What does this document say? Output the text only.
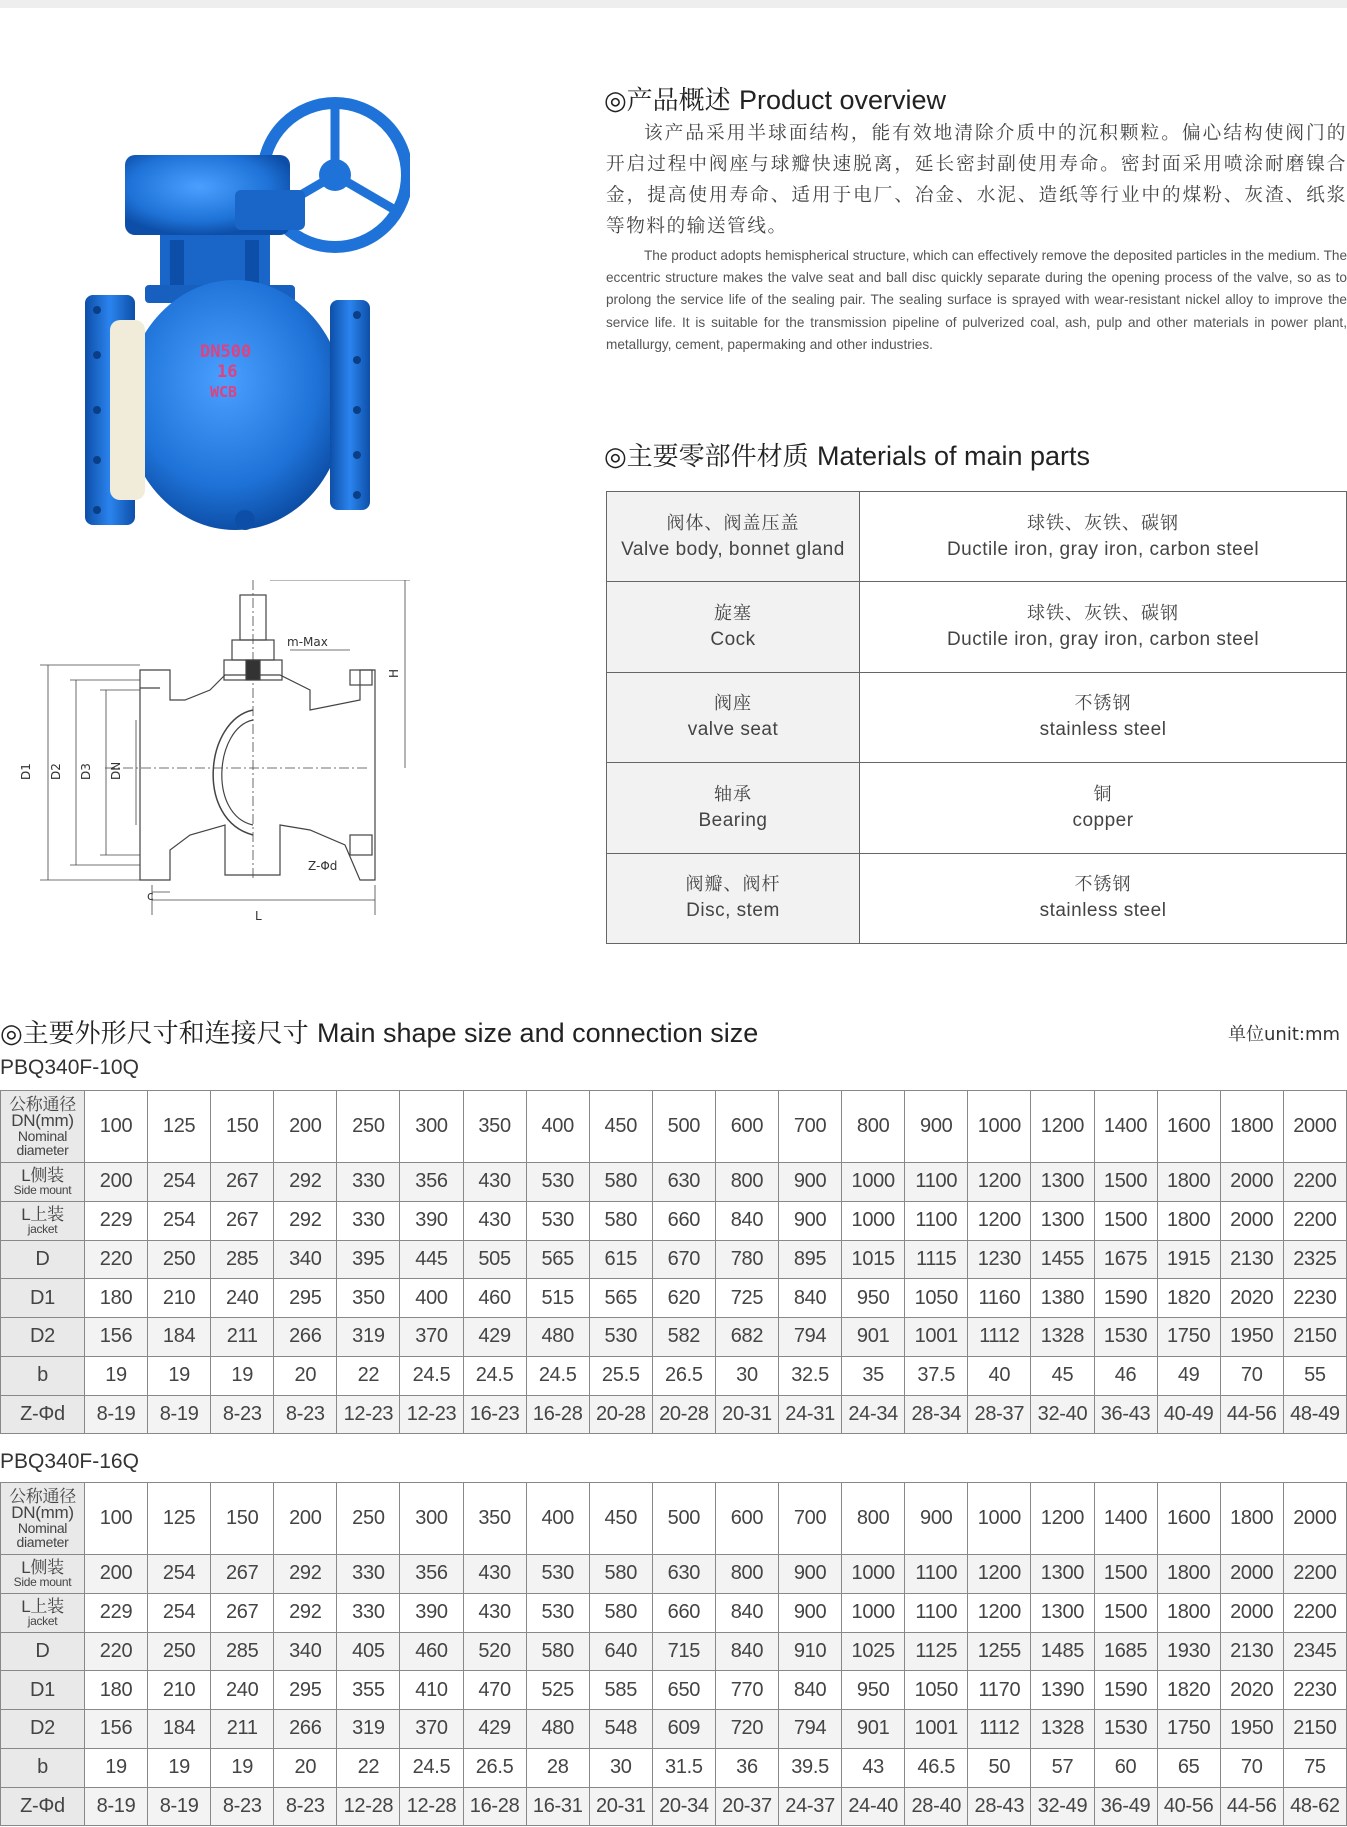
DN500
16
WCB
m-Max
H
D1 D2 D3 DN
Z-Φd
c
L
◎产品概述 Product overview

该产品采用半球面结构，能有效地清除介质中的沉积颗粒。偏心结构使阀门的开启过程中阀座与球瓣快速脱离，延长密封副使用寿命。密封面采用喷涂耐磨镍合金，提高使用寿命、适用于电厂、冶金、水泥、造纸等行业中的煤粉、灰渣、纸浆等物料的输送管线。

The product adopts hemispherical structure, which can effectively remove the deposited particles in the medium. The eccentric structure makes the valve seat and ball disc quickly separate during the opening process of the valve, so as to prolong the service life of the sealing pair. The sealing surface is sprayed with wear-resistant nickel alloy to improve the service life. It is suitable for the transmission pipeline of pulverized coal, ash, pulp and other materials in power plant, metallurgy, cement, papermaking and other industries.

◎主要零部件材质 Materials of main parts
阀体、阀盖压盖
Valve body, bonnet gland	球铁、灰铁、碳钢
Ductile iron, gray iron, carbon steel

旋塞
Cock	球铁、灰铁、碳钢
Ductile iron, gray iron, carbon steel

阀座
valve seat	不锈钢
stainless steel

轴承
Bearing	铜
copper

阀瓣、阀杆
Disc, stem	不锈钢
stainless steel
◎主要外形尺寸和连接尺寸 Main shape size and connection size	单位unit:mm
PBQ340F-10Q
公称通径
DN(mm)
Nominal
diameter	100	125	150	200	250	300	350	400	450	500	600	700	800	900	1000	1200	1400	1600	1800	2000

L侧装
Side mount	200	254	267	292	330	356	430	530	580	630	800	900	1000	1100	1200	1300	1500	1800	2000	2200

L上装
jacket	229	254	267	292	330	390	430	530	580	660	840	900	1000	1100	1200	1300	1500	1800	2000	2200
D	220	250	285	340	395	445	505	565	615	670	780	895	1015	1115	1230	1455	1675	1915	2130	2325
D1	180	210	240	295	350	400	460	515	565	620	725	840	950	1050	1160	1380	1590	1820	2020	2230
D2	156	184	211	266	319	370	429	480	530	582	682	794	901	1001	1112	1328	1530	1750	1950	2150
b	19	19	19	20	22	24.5	24.5	24.5	25.5	26.5	30	32.5	35	37.5	40	45	46	49	70	55
Z-Φd	8-19	8-19	8-23	8-23	12-23	12-23	16-23	16-28	20-28	20-28	20-31	24-31	24-34	28-34	28-37	32-40	36-43	40-49	44-56	48-49
PBQ340F-16Q
公称通径
DN(mm)
Nominal
diameter	100	125	150	200	250	300	350	400	450	500	600	700	800	900	1000	1200	1400	1600	1800	2000

L侧装
Side mount	200	254	267	292	330	356	430	530	580	630	800	900	1000	1100	1200	1300	1500	1800	2000	2200

L上装
jacket	229	254	267	292	330	390	430	530	580	660	840	900	1000	1100	1200	1300	1500	1800	2000	2200
D	220	250	285	340	405	460	520	580	640	715	840	910	1025	1125	1255	1485	1685	1930	2130	2345
D1	180	210	240	295	355	410	470	525	585	650	770	840	950	1050	1170	1390	1590	1820	2020	2230
D2	156	184	211	266	319	370	429	480	548	609	720	794	901	1001	1112	1328	1530	1750	1950	2150
b	19	19	19	20	22	24.5	26.5	28	30	31.5	36	39.5	43	46.5	50	57	60	65	70	75
Z-Φd	8-19	8-19	8-23	8-23	12-28	12-28	16-28	16-31	20-31	20-34	20-37	24-37	24-40	28-40	28-43	32-49	36-49	40-56	44-56	48-62
